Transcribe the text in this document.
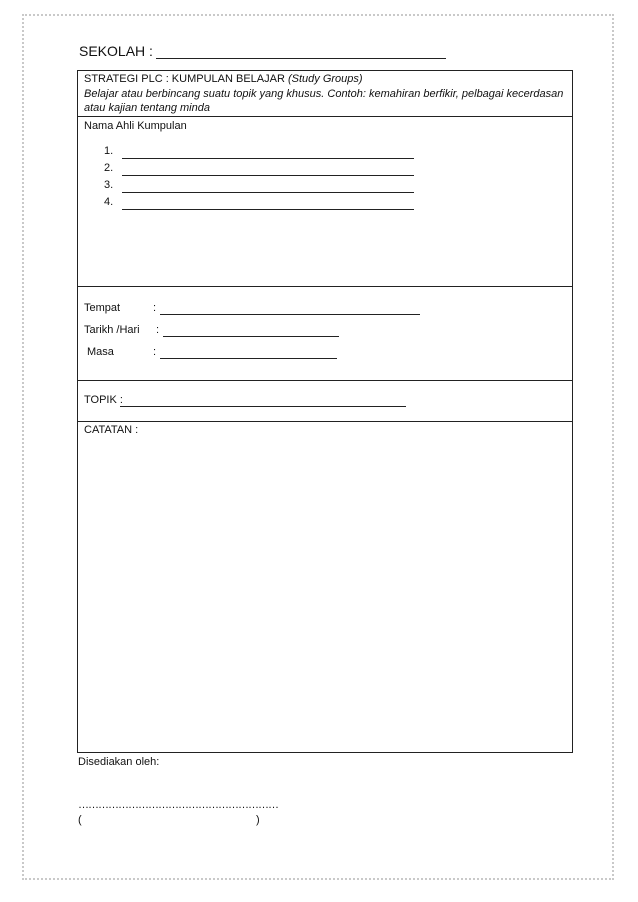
SEKOLAH :
STRATEGI PLC : KUMPULAN BELAJAR (Study Groups)
Belajar atau berbincang suatu topik yang khusus. Contoh: kemahiran berfikir, pelbagai kecerdasan
atau kajian tentang minda
Nama Ahli Kumpulan
1.
2.
3.
4.
Tempat	:
Tarikh /Hari :
Masa	:
TOPIK :
CATATAN :
Disediakan oleh:
……………………………………………………
(	)
